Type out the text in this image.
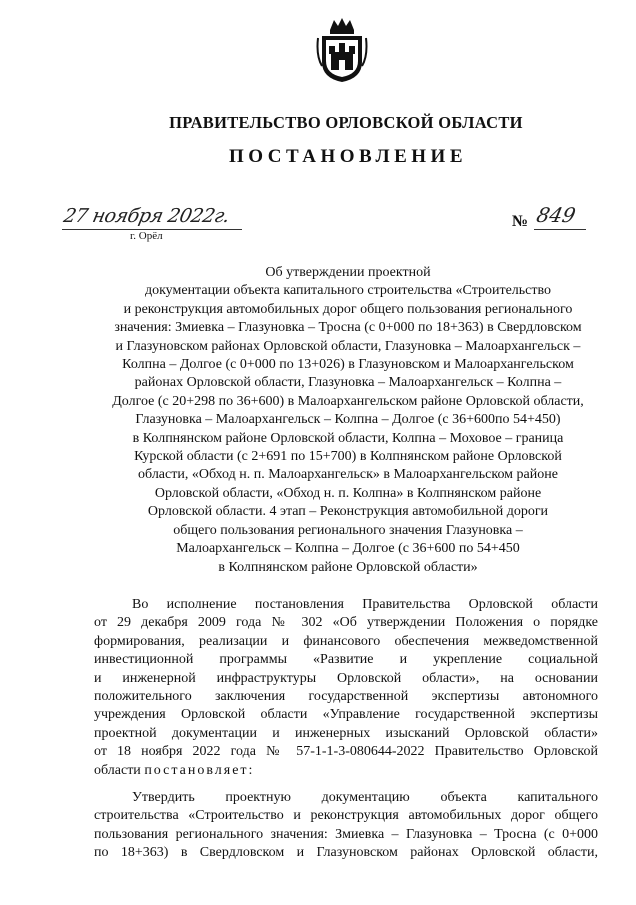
ПРАВИТЕЛЬСТВО ОРЛОВСКОЙ ОБЛАСТИ
ПОСТАНОВЛЕНИЕ
27 ноября 2022г.
г. Орёл
№ 849
Об утверждении проектной
документации объекта капитального строительства «Строительство
и реконструкция автомобильных дорог общего пользования регионального
значения: Змиевка – Глазуновка – Тросна (с 0+000 по 18+363) в Свердловском
и Глазуновском районах Орловской области, Глазуновка – Малоархангельск –
Колпна – Долгое (с 0+000 по 13+026) в Глазуновском и Малоархангельском
районах Орловской области, Глазуновка – Малоархангельск – Колпна –
Долгое (с 20+298 по 36+600) в Малоархангельском районе Орловской области,
Глазуновка – Малоархангельск – Колпна – Долгое (с 36+600по 54+450)
в Колпнянском районе Орловской области, Колпна – Моховое – граница
Курской области (с 2+691 по 15+700) в Колпнянском районе Орловской
области, «Обход н. п. Малоархангельск» в Малоархангельском районе
Орловской области, «Обход н. п. Колпна» в Колпнянском районе
Орловской области. 4 этап – Реконструкция автомобильной дороги
общего пользования регионального значения Глазуновка –
Малоархангельск – Колпна – Долгое (с 36+600 по 54+450
в Колпнянском районе Орловской области»
Во исполнение постановления Правительства Орловской области
от 29 декабря 2009 года № 302 «Об утверждении Положения о порядке
формирования, реализации и финансового обеспечения межведомственной
инвестиционной программы «Развитие и укрепление социальной
и инженерной инфраструктуры Орловской области», на основании
положительного заключения государственной экспертизы автономного
учреждения Орловской области «Управление государственной экспертизы
проектной документации и инженерных изысканий Орловской области»
от 18 ноября 2022 года № 57-1-1-3-080644-2022 Правительство Орловской
области постановляет:
Утвердить проектную документацию объекта капитального
строительства «Строительство и реконструкция автомобильных дорог общего
пользования регионального значения: Змиевка – Глазуновка – Тросна (с 0+000
по 18+363) в Свердловском и Глазуновском районах Орловской области,
